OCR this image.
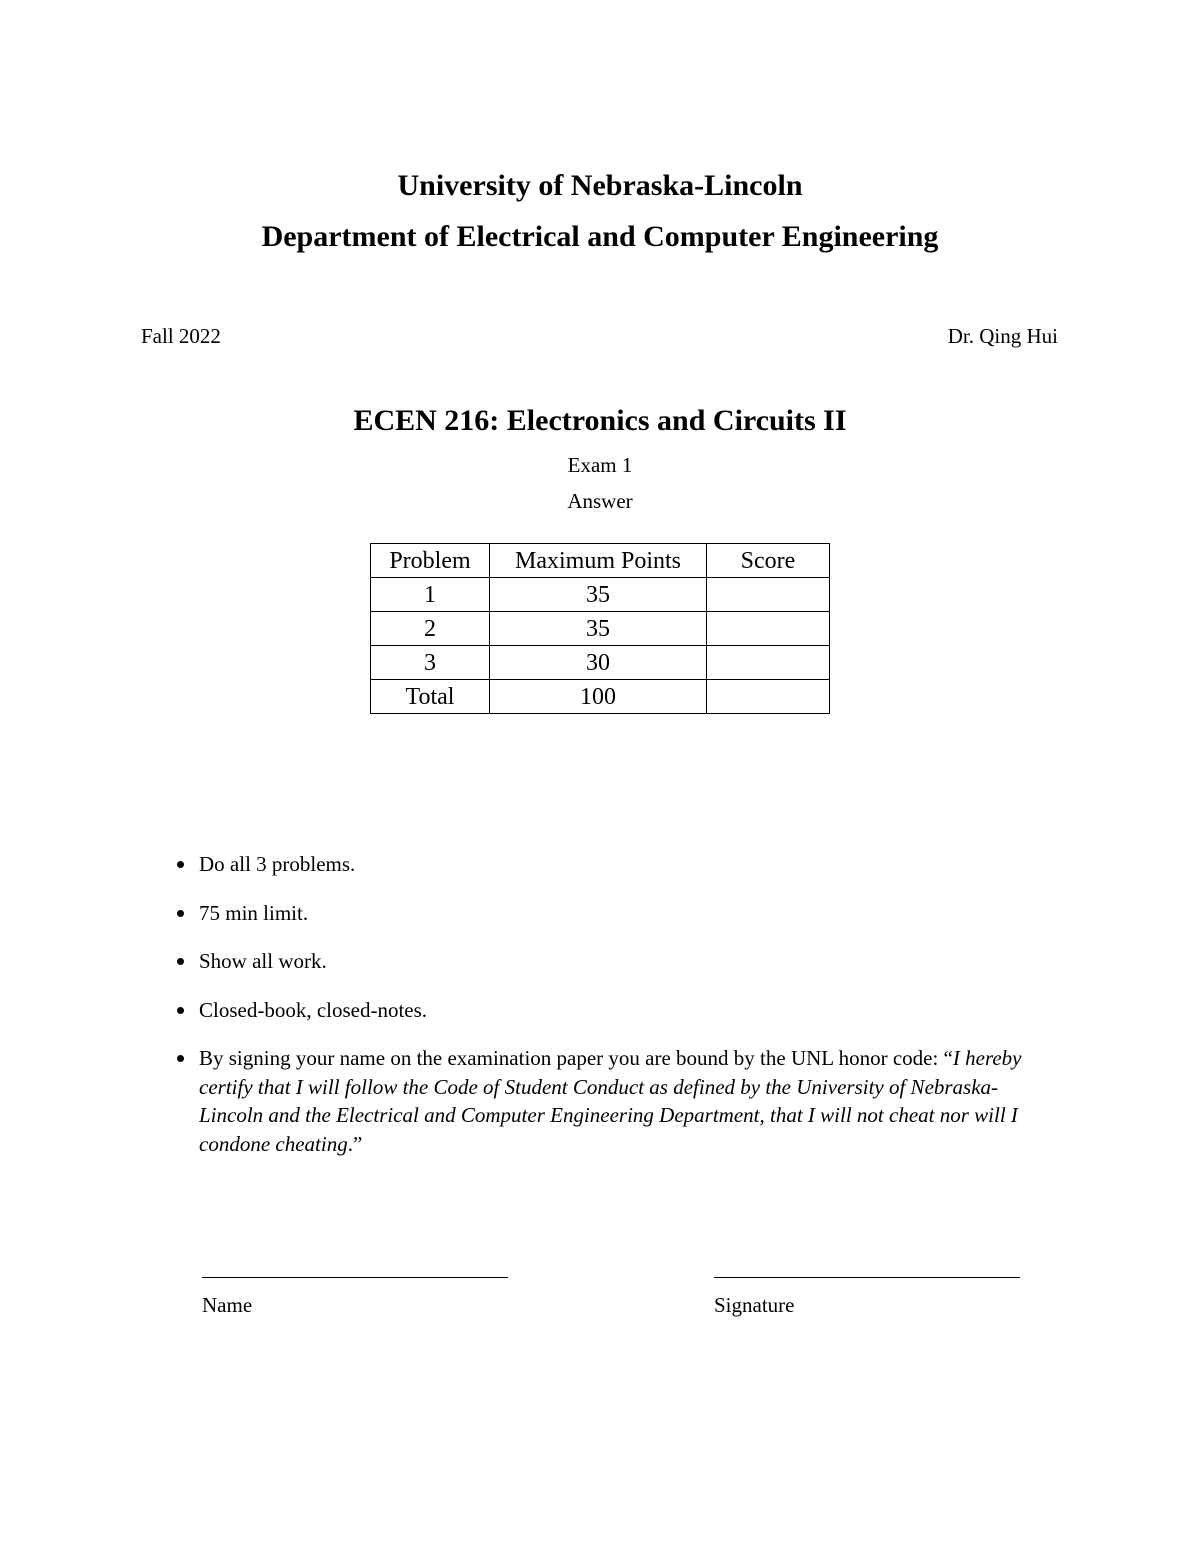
University of Nebraska-Lincoln
Department of Electrical and Computer Engineering
Fall 2022	Dr. Qing Hui
ECEN 216: Electronics and Circuits II
Exam 1
Answer
Problem	Maximum Points	Score
1	35	
2	35	
3	30	
Total	100	
Do all 3 problems.
75 min limit.
Show all work.
Closed-book, closed-notes.
By signing your name on the examination paper you are bound by the UNL honor code: “I hereby certify that I will follow the Code of Student Conduct as defined by the University of Nebraska-Lincoln and the Electrical and Computer Engineering Department, that I will not cheat nor will I condone cheating.”
Name	Signature
